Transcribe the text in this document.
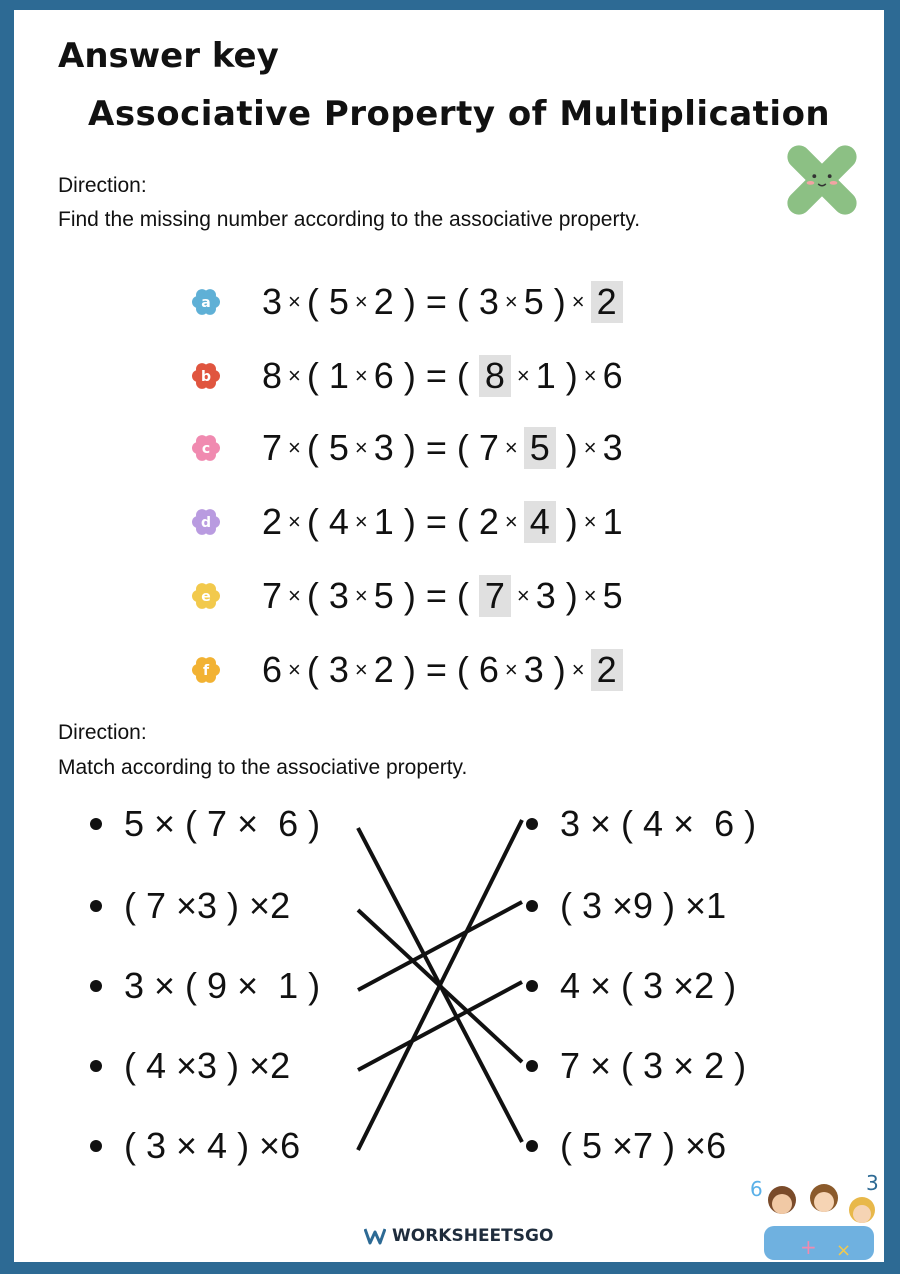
Answer key
Associative Property of Multiplication
Direction:
Find the missing number according to the associative property.
a 3 × ( 5 × 2 ) = ( 3 × 5 ) × 2
b 8 × ( 1 × 6 ) = ( 8 × 1 ) × 6
c 7 × ( 5 × 3 ) = ( 7 × 5 ) × 3
d 2 × ( 4 × 1 ) = ( 2 × 4 ) × 1
e 7 × ( 3 × 5 ) = ( 7 × 3 ) × 5
f 6 × ( 3 × 2 ) = ( 6 × 3 ) × 2
Direction:
Match according to the associative property.
5 × ( 7 ×  6 )
( 7 ×3 ) ×2
3 × ( 9 ×  1 )
( 4 ×3 ) ×2
( 3 × 4 ) ×6
3 × ( 4 ×  6 )
( 3 ×9 ) ×1
4 × ( 3 ×2 )
7 × ( 3 × 2 )
( 5 ×7 ) ×6
WORKSHEETS GO
6	3
+ ×
